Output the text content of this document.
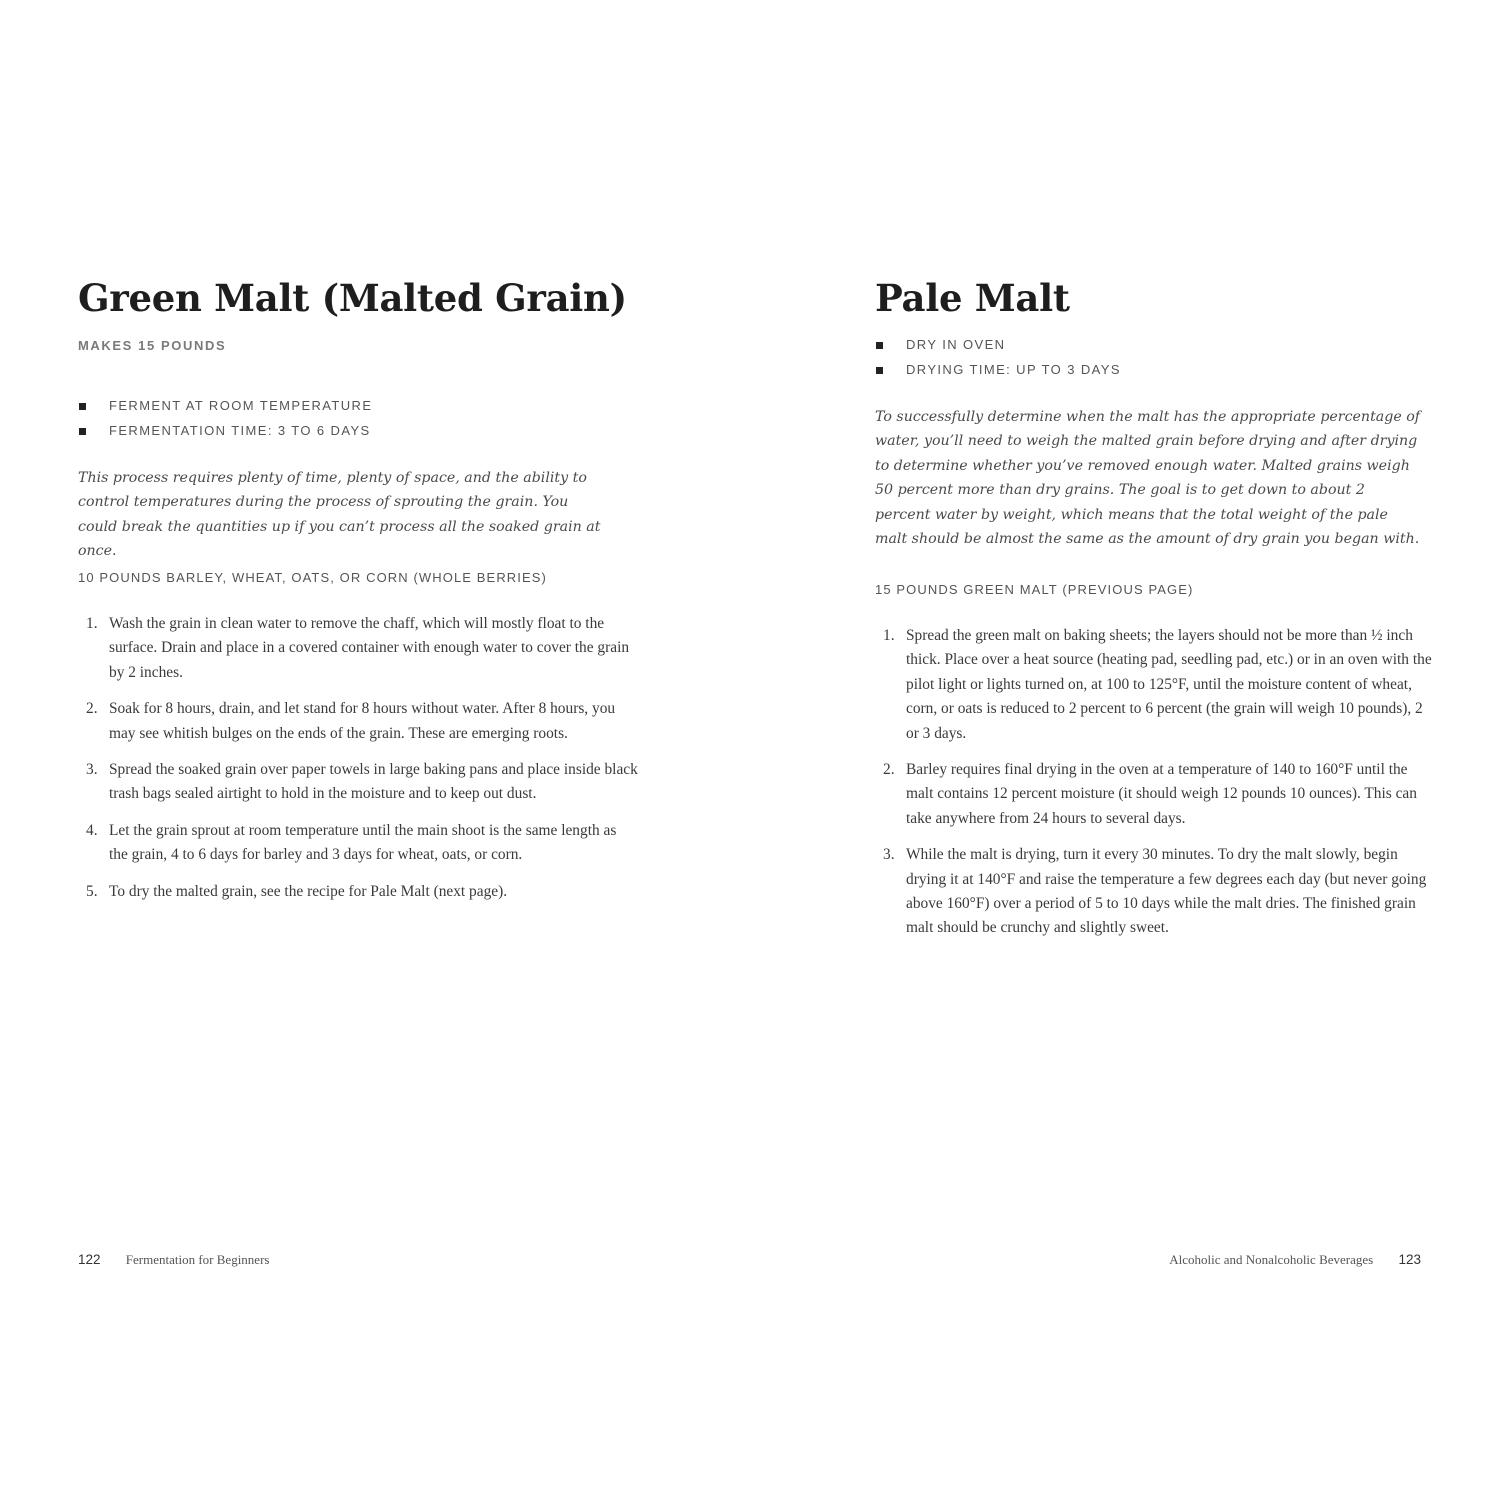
Green Malt (Malted Grain)
MAKES 15 POUNDS
FERMENT AT ROOM TEMPERATURE
FERMENTATION TIME: 3 TO 6 DAYS

This process requires plenty of time, plenty of space, and the ability to control temperatures during the process of sprouting the grain. You could break the quantities up if you can’t process all the soaked grain at once.

10 POUNDS BARLEY, WHEAT, OATS, OR CORN (WHOLE BERRIES)
1. Wash the grain in clean water to remove the chaff, which will mostly float to the surface. Drain and place in a covered container with enough water to cover the grain by 2 inches.
2. Soak for 8 hours, drain, and let stand for 8 hours without water. After 8 hours, you may see whitish bulges on the ends of the grain. These are emerging roots.
3. Spread the soaked grain over paper towels in large baking pans and place inside black trash bags sealed airtight to hold in the moisture and to keep out dust.
4. Let the grain sprout at room temperature until the main shoot is the same length as the grain, 4 to 6 days for barley and 3 days for wheat, oats, or corn.
5. To dry the malted grain, see the recipe for Pale Malt (next page).
122 Fermentation for Beginners
Pale Malt
DRY IN OVEN
DRYING TIME: UP TO 3 DAYS

To successfully determine when the malt has the appropriate percentage of water, you’ll need to weigh the malted grain before drying and after drying to determine whether you’ve removed enough water. Malted grains weigh 50 percent more than dry grains. The goal is to get down to about 2 percent water by weight, which means that the total weight of the pale malt should be almost the same as the amount of dry grain you began with.

15 POUNDS GREEN MALT (PREVIOUS PAGE)
1. Spread the green malt on baking sheets; the layers should not be more than ½ inch thick. Place over a heat source (heating pad, seedling pad, etc.) or in an oven with the pilot light or lights turned on, at 100 to 125°F, until the moisture content of wheat, corn, or oats is reduced to 2 percent to 6 percent (the grain will weigh 10 pounds), 2 or 3 days.
2. Barley requires final drying in the oven at a temperature of 140 to 160°F until the malt contains 12 percent moisture (it should weigh 12 pounds 10 ounces). This can take anywhere from 24 hours to several days.
3. While the malt is drying, turn it every 30 minutes. To dry the malt slowly, begin drying it at 140°F and raise the temperature a few degrees each day (but never going above 160°F) over a period of 5 to 10 days while the malt dries. The finished grain malt should be crunchy and slightly sweet.
Alcoholic and Nonalcoholic Beverages 123
